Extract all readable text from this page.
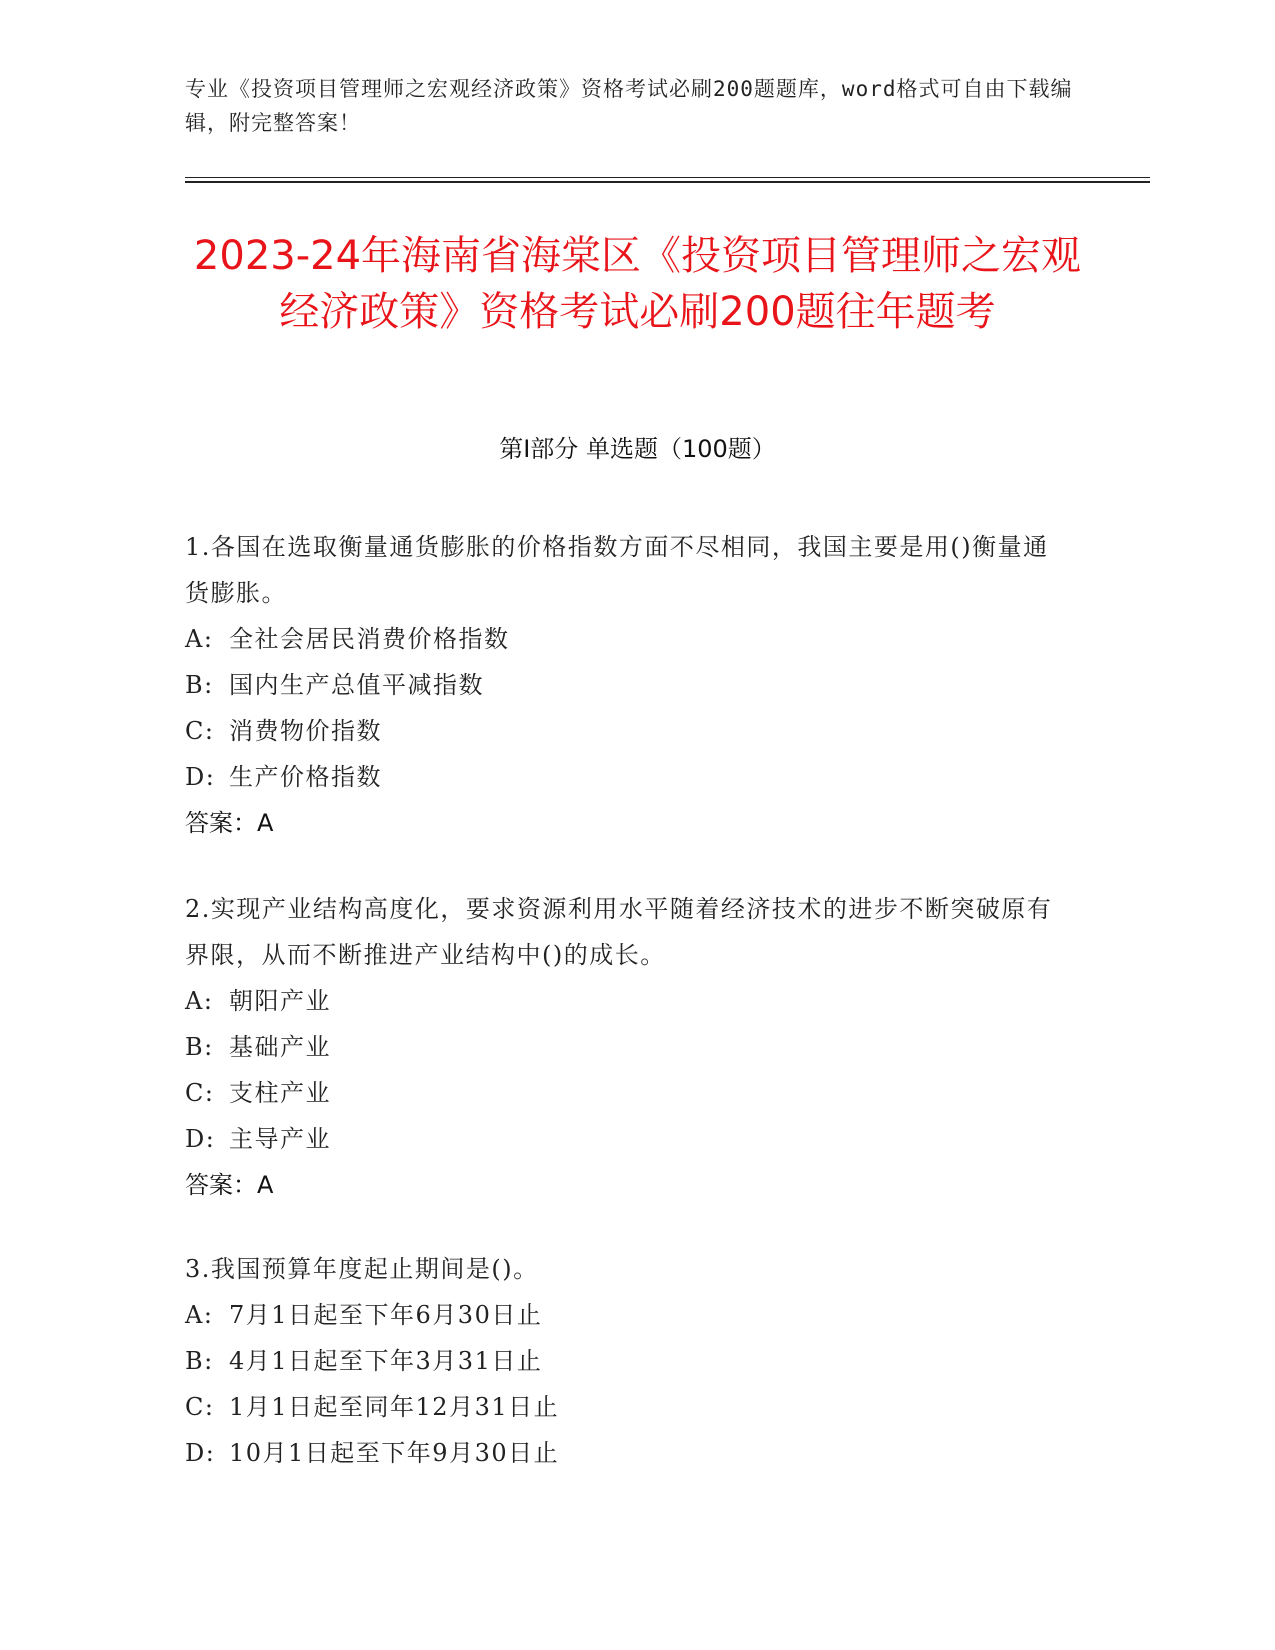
专业《投资项目管理师之宏观经济政策》资格考试必刷200题题库，word格式可自由下载编辑，附完整答案！
2023-24年海南省海棠区《投资项目管理师之宏观经济政策》资格考试必刷200题往年题考
第I部分 单选题（100题）
1.各国在选取衡量通货膨胀的价格指数方面不尽相同，我国主要是用()衡量通货膨胀。
A: 全社会居民消费价格指数
B: 国内生产总值平减指数
C: 消费物价指数
D: 生产价格指数
答案：A
2.实现产业结构高度化，要求资源利用水平随着经济技术的进步不断突破原有界限，从而不断推进产业结构中()的成长。
A: 朝阳产业
B: 基础产业
C: 支柱产业
D: 主导产业
答案：A
3.我国预算年度起止期间是()。
A: 7月1日起至下年6月30日止
B: 4月1日起至下年3月31日止
C: 1月1日起至同年12月31日止
D: 10月1日起至下年9月30日止
